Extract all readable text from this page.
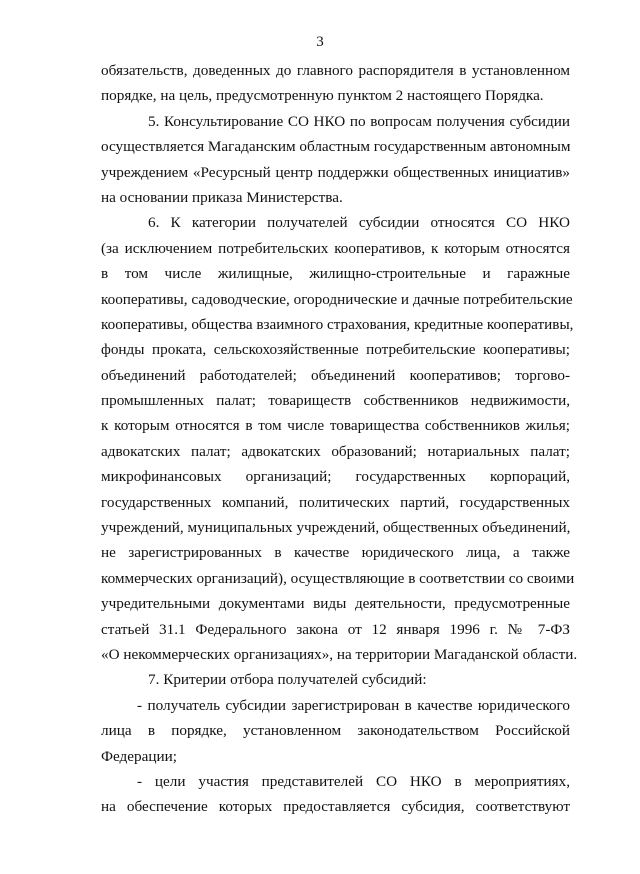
3
обязательств, доведенных до главного распорядителя в установленном
порядке, на цель, предусмотренную пунктом 2 настоящего Порядка.
5. Консультирование СО НКО по вопросам получения субсидии
осуществляется Магаданским областным государственным автономным
учреждением «Ресурсный центр поддержки общественных инициатив»
на основании приказа Министерства.
6. К категории получателей субсидии относятся СО НКО
(за исключением потребительских кооперативов, к которым относятся
в том числе жилищные, жилищно-строительные и гаражные
кооперативы, садоводческие, огороднические и дачные потребительские
кооперативы, общества взаимного страхования, кредитные кооперативы,
фонды проката, сельскохозяйственные потребительские кооперативы;
объединений работодателей; объединений кооперативов; торгово-
промышленных палат; товариществ собственников недвижимости,
к которым относятся в том числе товарищества собственников жилья;
адвокатских палат; адвокатских образований; нотариальных палат;
микрофинансовых организаций; государственных корпораций,
государственных компаний, политических партий, государственных
учреждений, муниципальных учреждений, общественных объединений,
не зарегистрированных в качестве юридического лица, а также
коммерческих организаций), осуществляющие в соответствии со своими
учредительными документами виды деятельности, предусмотренные
статьей 31.1 Федерального закона от 12 января 1996 г. № 7-ФЗ
«О некоммерческих организациях», на территории Магаданской области.
7. Критерии отбора получателей субсидий:
- получатель субсидии зарегистрирован в качестве юридического
лица в порядке, установленном законодательством Российской
Федерации;
- цели участия представителей СО НКО в мероприятиях,
на обеспечение которых предоставляется субсидия, соответствуют
